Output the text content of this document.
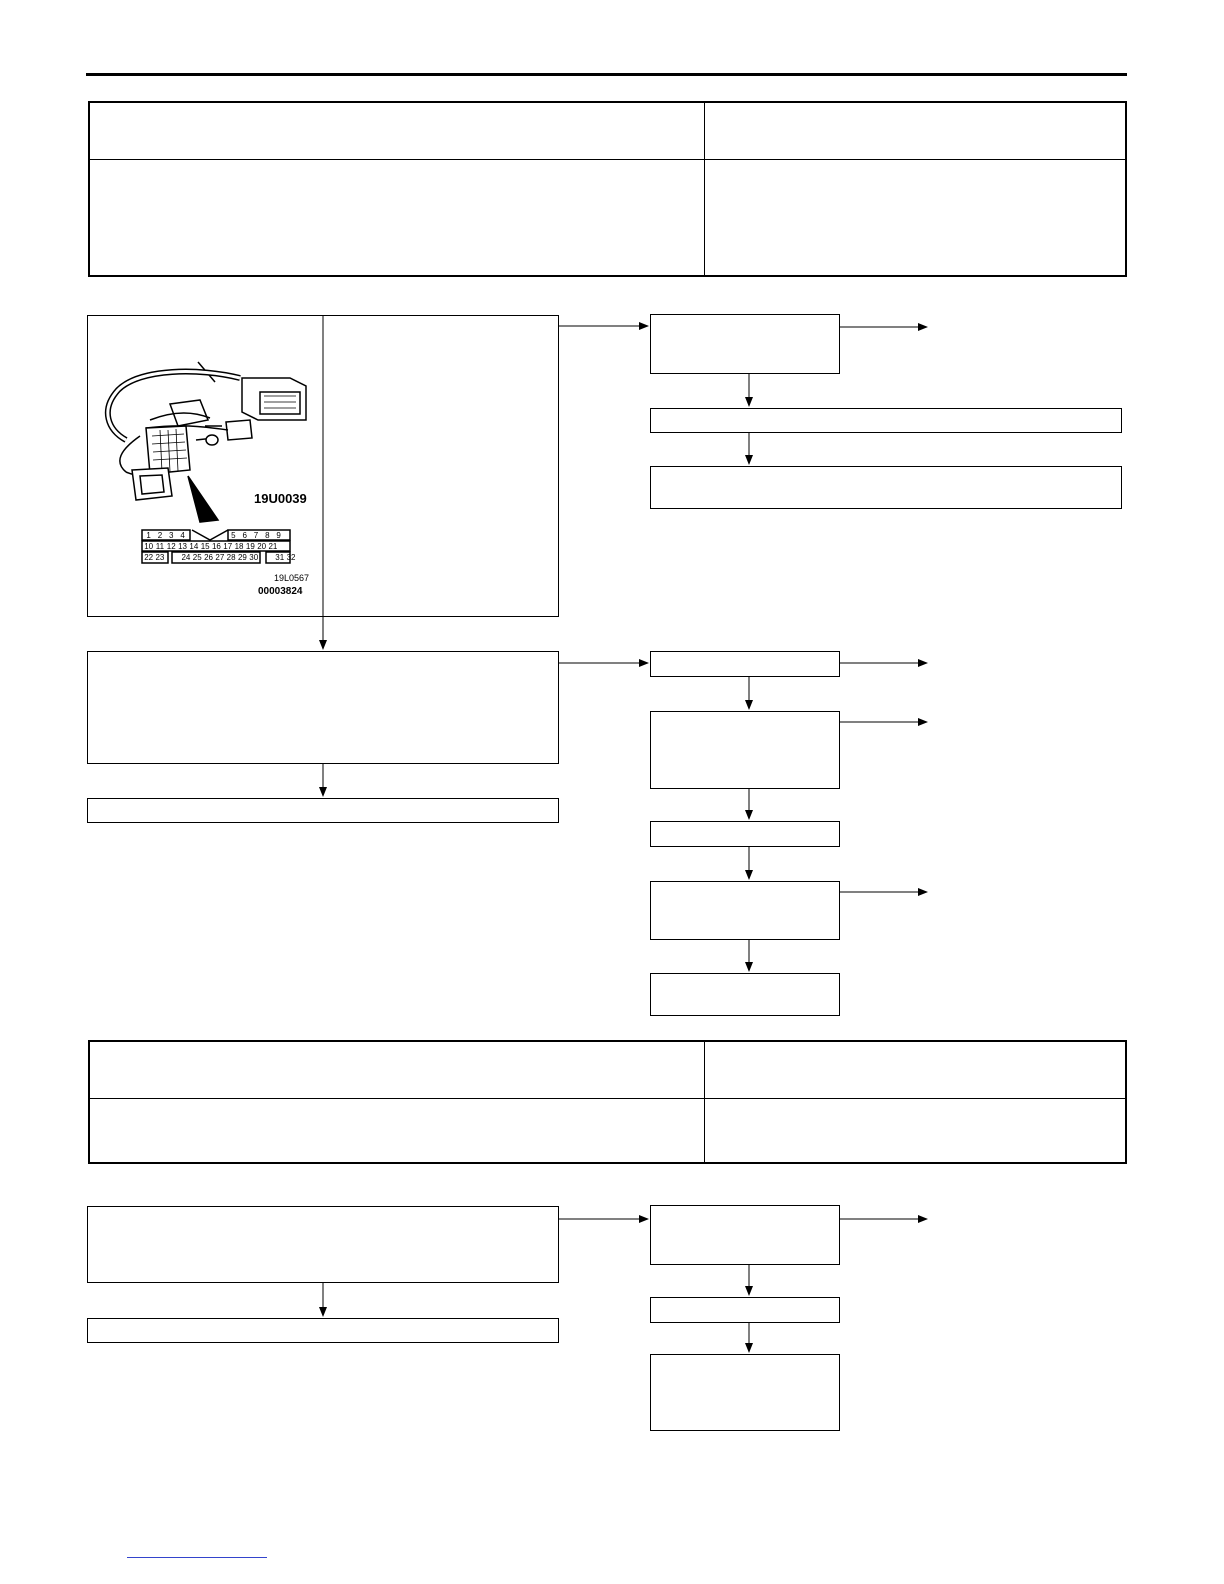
1 2 3 4	5 6 7 8 9
10 11 12 13 14 15 16 17 18 19 20 21
22 23 24 25 26 27 28 29 30 31 32
19U0039
19L0567
00003824
